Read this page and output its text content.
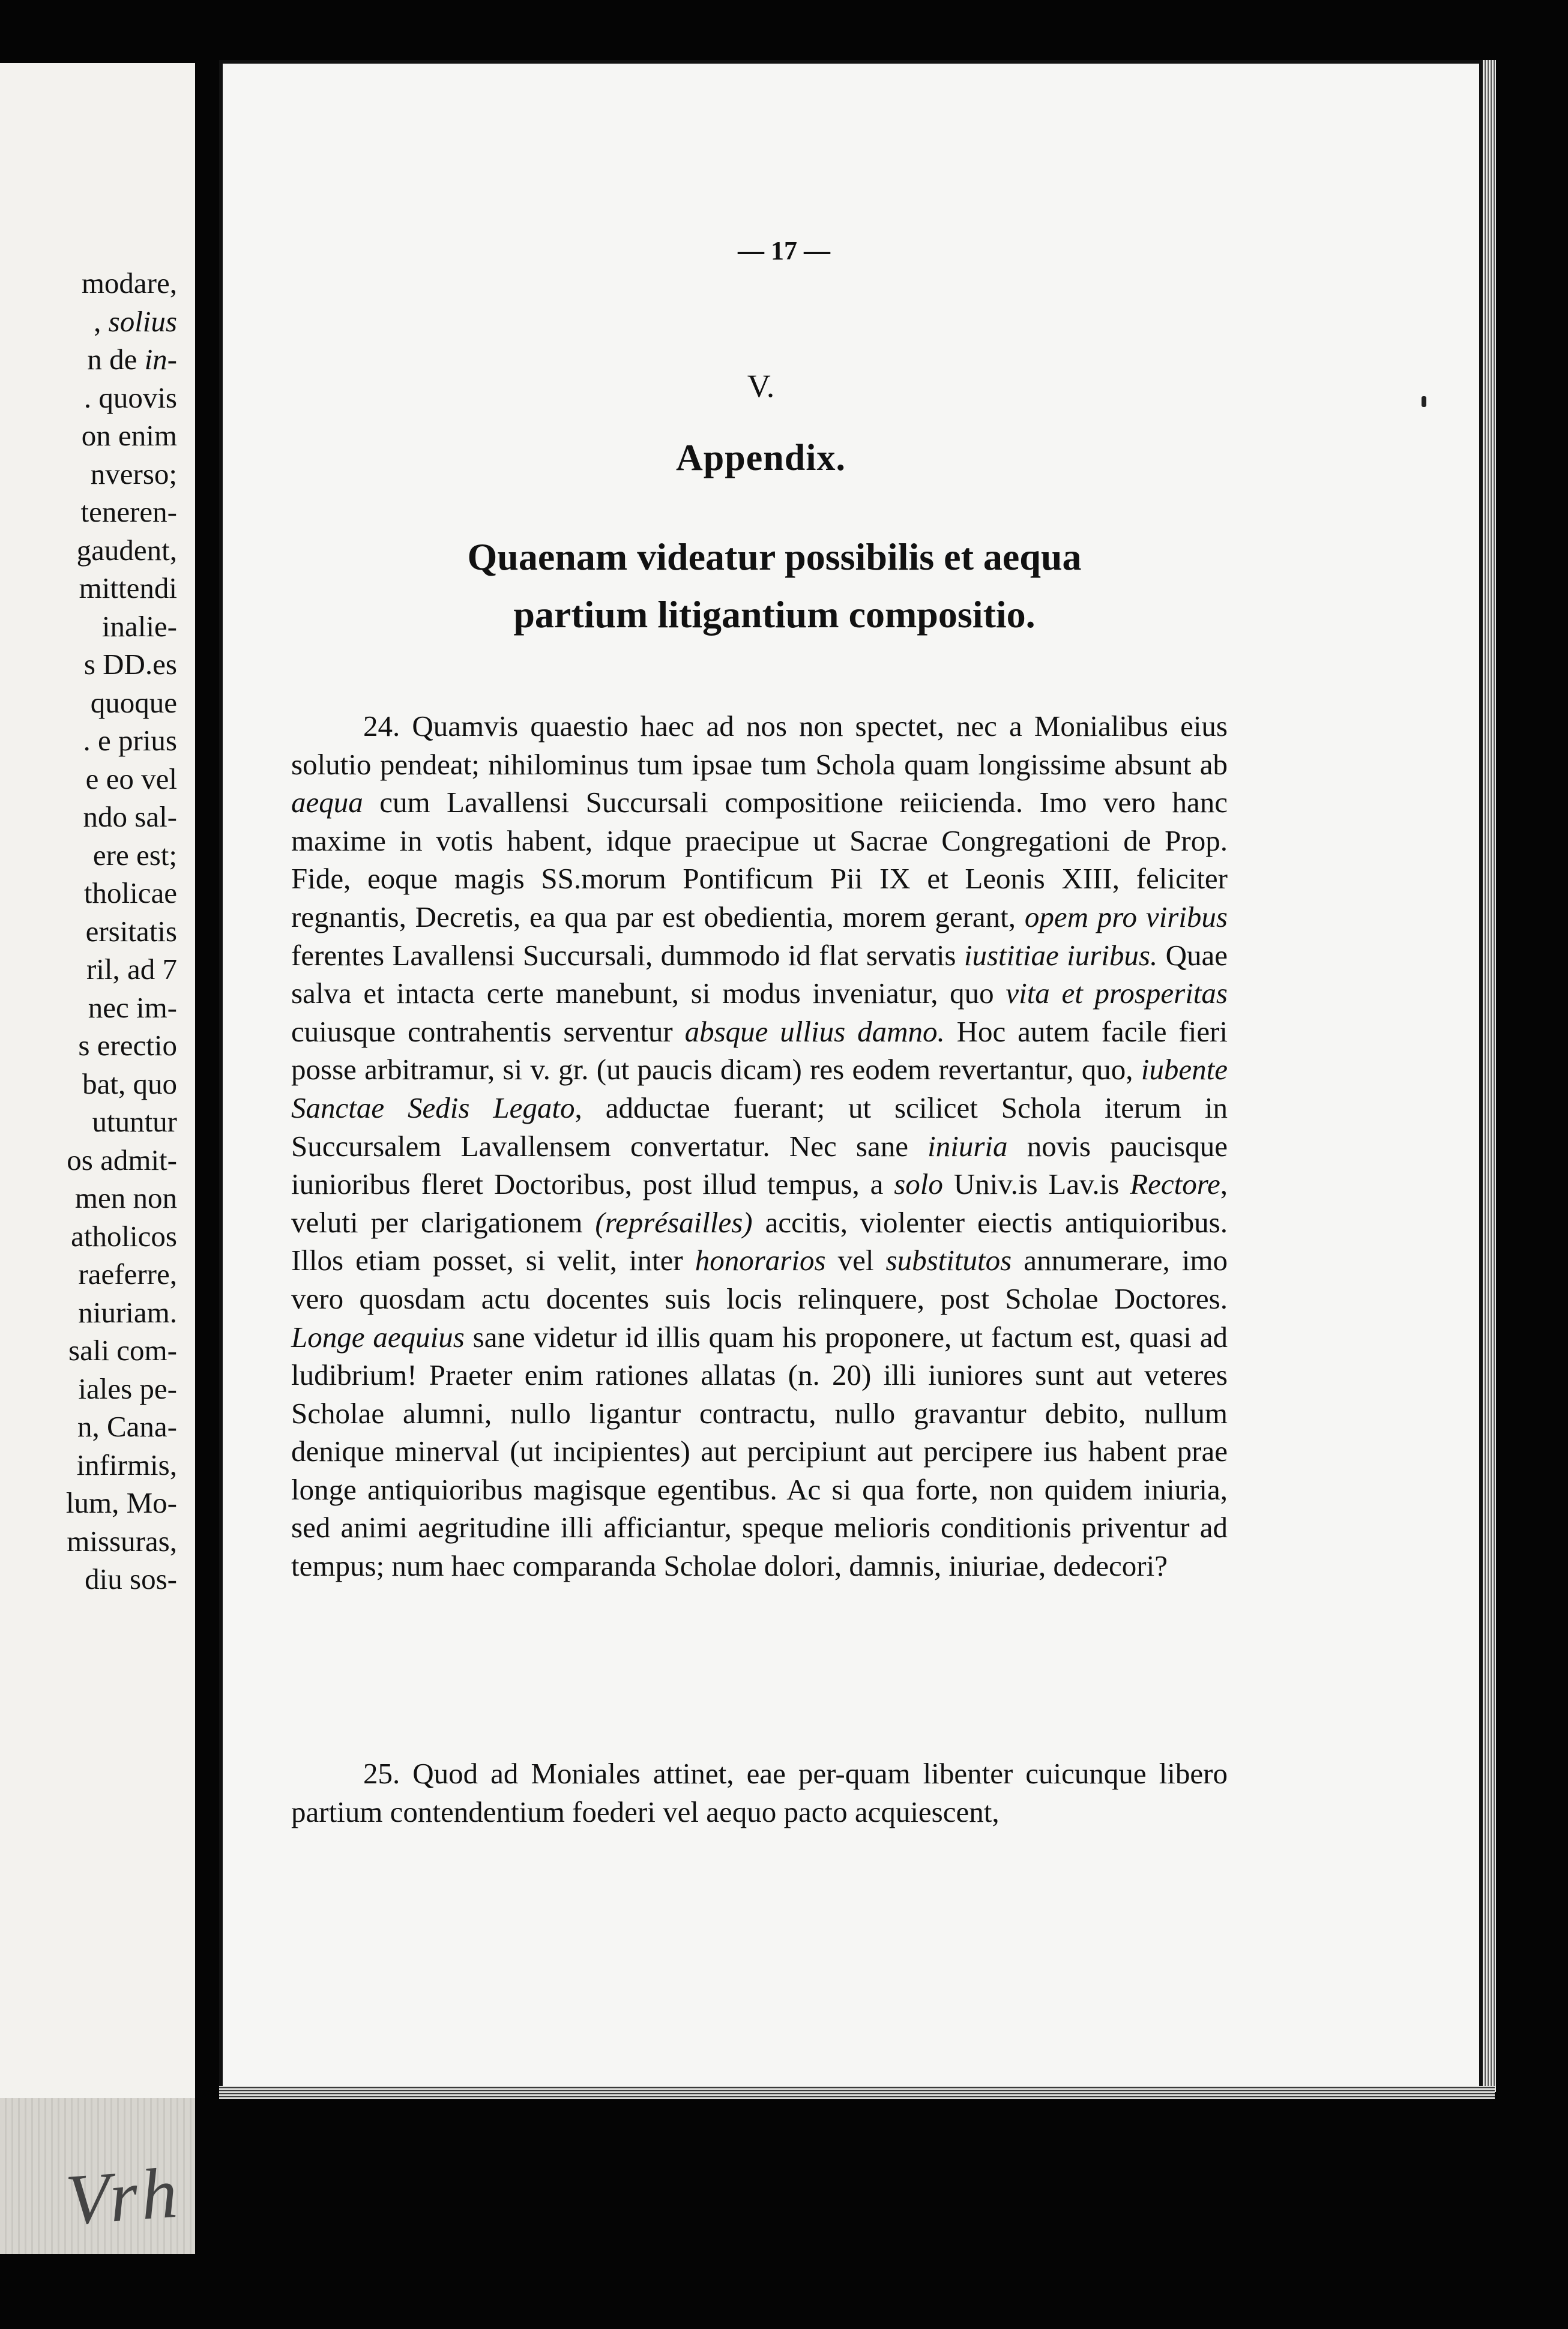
modare,

, solius

n de in-

. quovis

on enim

nverso;

teneren-

gaudent,

mittendi

inalie-

s DD.es

quoque

. e prius

e eo vel

ndo sal-

ere est;

tholicae

ersitatis

ril, ad 7

nec im-

s erectio

bat, quo

utuntur

os admit-

men non

atholicos

raeferre,

niuriam.

sali com-

iales pe-

n, Cana-

infirmis,

lum, Mo-

missuras,

diu sos-

Vrh

— 17 —

V.

Appendix.

Quaenam videatur possibilis et aequa
partium litigantium compositio.

24. Quamvis quaestio haec ad nos non spectet, nec a Monialibus eius solutio pendeat; nihilominus tum ipsae tum Schola quam longissime absunt ab aequa cum Lavallensi Succursali compositione reiicienda. Imo vero hanc maxime in votis habent, idque praecipue ut Sacrae Congregationi de Prop. Fide, eoque magis SS.morum Pontificum Pii IX et Leonis XIII, feliciter regnantis, Decretis, ea qua par est obedientia, morem gerant, opem pro viribus ferentes Lavallensi Succursali, dummodo id flat servatis iustitiae iuribus. Quae salva et intacta certe manebunt, si modus inveniatur, quo vita et prosperitas cuiusque contrahentis serventur absque ullius damno. Hoc autem facile fieri posse arbitramur, si v. gr. (ut paucis dicam) res eodem revertantur, quo, iubente Sanctae Sedis Legato, adductae fuerant; ut scilicet Schola iterum in Succursalem Lavallensem convertatur. Nec sane iniuria novis paucisque iunioribus fleret Doctoribus, post illud tempus, a solo Univ.is Lav.is Rectore, veluti per clarigationem (représailles) accitis, violenter eiectis antiquioribus. Illos etiam posset, si velit, inter honorarios vel substitutos annumerare, imo vero quosdam actu docentes suis locis relinquere, post Scholae Doctores. Longe aequius sane videtur id illis quam his proponere, ut factum est, quasi ad ludibrium! Praeter enim rationes allatas (n. 20) illi iuniores sunt aut veteres Scholae alumni, nullo ligantur contractu, nullo gravantur debito, nullum denique minerval (ut incipientes) aut percipiunt aut percipere ius habent prae longe antiquioribus magisque egentibus. Ac si qua forte, non quidem iniuria, sed animi aegritudine illi afficiantur, speque melioris conditionis priventur ad tempus; num haec comparanda Scholae dolori, damnis, iniuriae, dedecori?

25. Quod ad Moniales attinet, eae per-quam libenter cuicunque libero partium contendentium foederi vel aequo pacto acquiescent,
